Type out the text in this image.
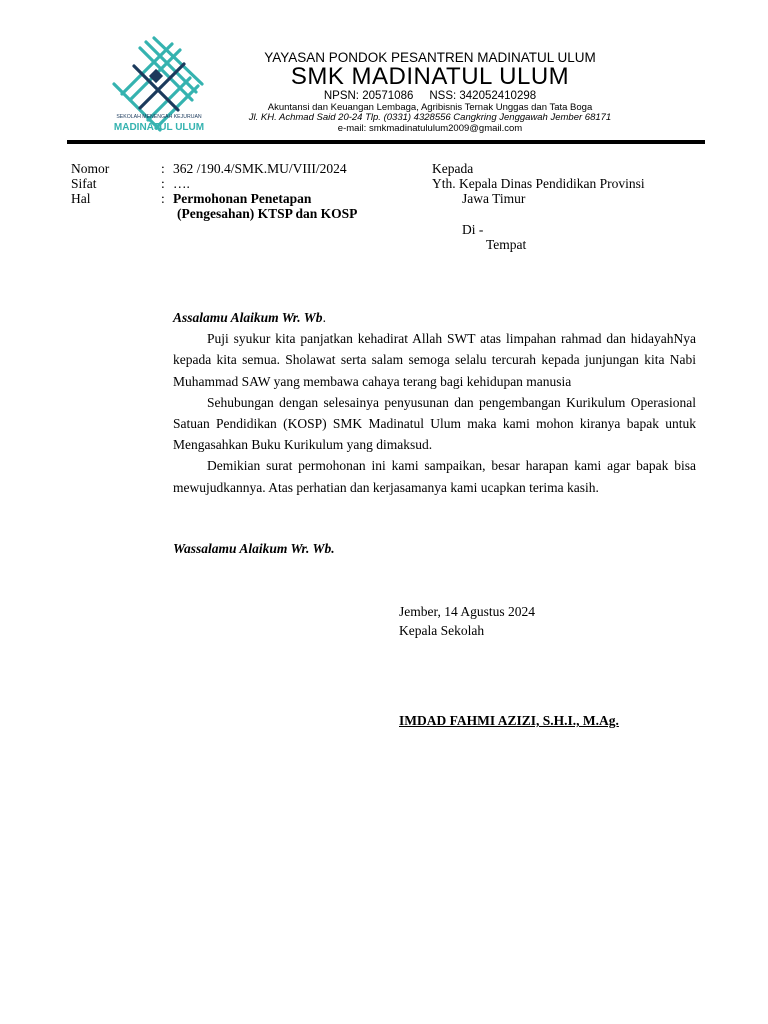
SEKOLAH MENENGAH KEJURUAN
MADINATUL ULUM
YAYASAN PONDOK PESANTREN MADINATUL ULUM
SMK MADINATUL ULUM
NPSN: 20571086     NSS: 342052410298
Akuntansi dan Keuangan Lembaga, Agribisnis Ternak Unggas dan Tata Boga
Jl. KH. Achmad Said 20-24 Tlp. (0331) 4328556 Cangkring Jenggawah Jember 68171
e-mail: smkmadinatululum2009@gmail.com
Nomor	: 362 /190.4/SMK.MU/VIII/2024
Sifat	: ….
Hal	: Permohonan Penetapan
(Pengesahan) KTSP dan KOSP
Kepada
Yth. Kepala Dinas Pendidikan Provinsi
Jawa Timur
Di -
Tempat

Assalamu Alaikum Wr. Wb.

Puji syukur kita panjatkan kehadirat Allah SWT atas limpahan rahmad dan hidayahNya kepada kita semua. Sholawat serta salam semoga selalu tercurah kepada junjungan kita Nabi Muhammad SAW yang membawa cahaya terang bagi kehidupan manusia

Sehubungan dengan selesainya penyusunan dan pengembangan Kurikulum Operasional Satuan Pendidikan (KOSP) SMK Madinatul Ulum maka kami mohon kiranya bapak untuk Mengasahkan Buku Kurikulum yang dimaksud.

Demikian surat permohonan ini kami sampaikan, besar harapan kami agar bapak bisa mewujudkannya. Atas perhatian dan kerjasamanya kami ucapkan terima kasih.

Wassalamu Alaikum Wr. Wb.
Jember, 14 Agustus 2024
Kepala Sekolah
IMDAD FAHMI AZIZI, S.H.I., M.Ag.
